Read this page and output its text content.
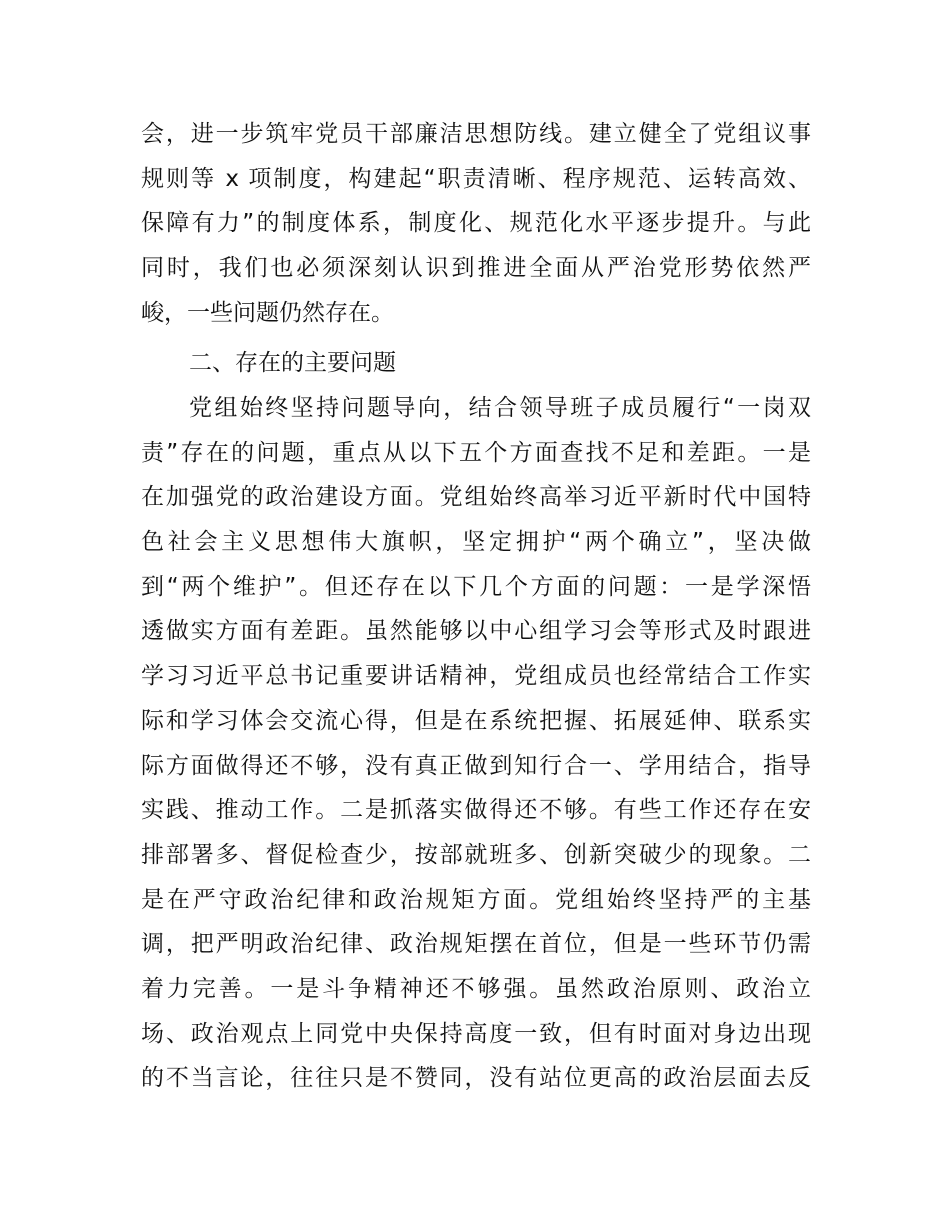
会，进一步筑牢党员干部廉洁思想防线。建立健全了党组议事
规则等 x 项制度，构建起“职责清晰、程序规范、运转高效、
保障有力”的制度体系，制度化、规范化水平逐步提升。与此
同时，我们也必须深刻认识到推进全面从严治党形势依然严
峻，一些问题仍然存在。
二、存在的主要问题
党组始终坚持问题导向，结合领导班子成员履行“一岗双
责”存在的问题，重点从以下五个方面查找不足和差距。一是
在加强党的政治建设方面。党组始终高举习近平新时代中国特
色社会主义思想伟大旗帜，坚定拥护“两个确立”，坚决做
到“两个维护”。但还存在以下几个方面的问题：一是学深悟
透做实方面有差距。虽然能够以中心组学习会等形式及时跟进
学习习近平总书记重要讲话精神，党组成员也经常结合工作实
际和学习体会交流心得，但是在系统把握、拓展延伸、联系实
际方面做得还不够，没有真正做到知行合一、学用结合，指导
实践、推动工作。二是抓落实做得还不够。有些工作还存在安
排部署多、督促检查少，按部就班多、创新突破少的现象。二
是在严守政治纪律和政治规矩方面。党组始终坚持严的主基
调，把严明政治纪律、政治规矩摆在首位，但是一些环节仍需
着力完善。一是斗争精神还不够强。虽然政治原则、政治立
场、政治观点上同党中央保持高度一致，但有时面对身边出现
的不当言论，往往只是不赞同，没有站位更高的政治层面去反
